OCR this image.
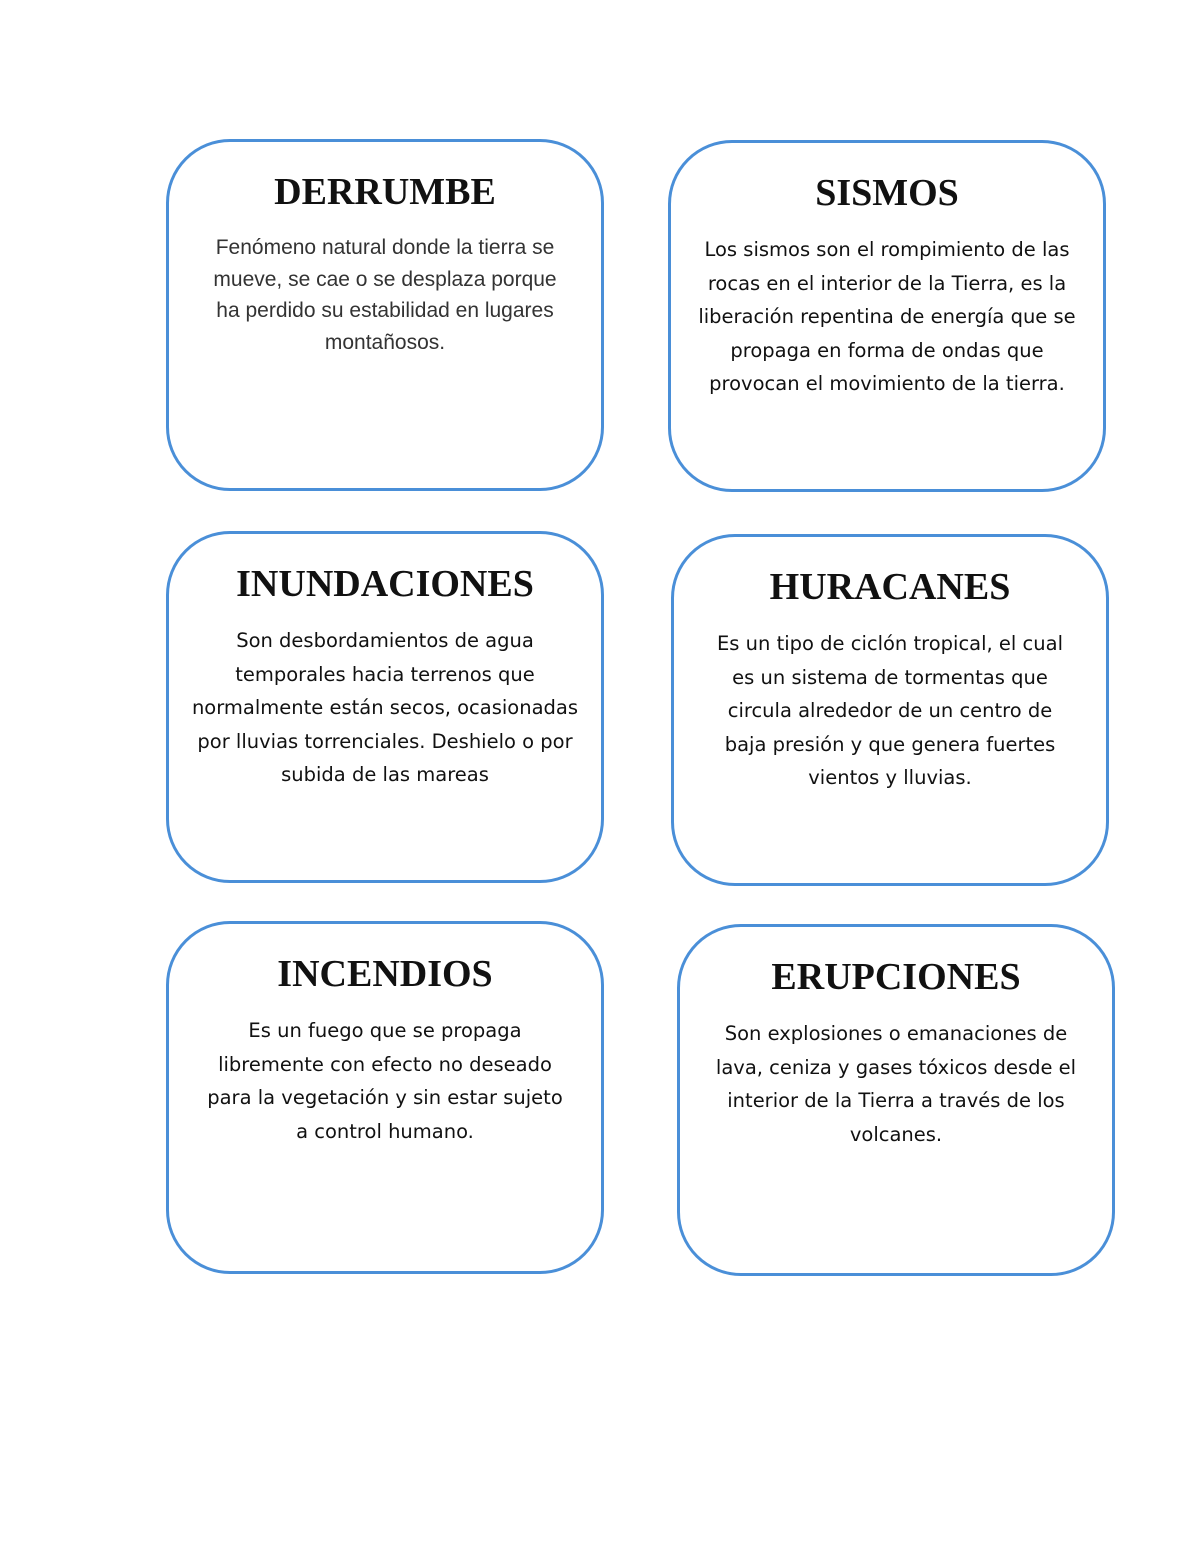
DERRUMBE
Fenómeno natural donde la tierra se mueve, se cae o se desplaza porque ha perdido su estabilidad en lugares montañosos.
SISMOS
Los sismos son el rompimiento de las rocas en el interior de la Tierra, es la liberación repentina de energía que se propaga en forma de ondas que provocan el movimiento de la tierra.
INUNDACIONES
Son desbordamientos de agua temporales hacia terrenos que normalmente están secos, ocasionadas por lluvias torrenciales. Deshielo o por subida de las mareas
HURACANES
Es un tipo de ciclón tropical, el cual es un sistema de tormentas que circula alrededor de un centro de baja presión y que genera fuertes vientos y lluvias.
INCENDIOS
Es un fuego que se propaga libremente con efecto no deseado para la vegetación y sin estar sujeto a control humano.
ERUPCIONES
Son explosiones o emanaciones de lava, ceniza y gases tóxicos desde el interior de la Tierra a través de los volcanes.
